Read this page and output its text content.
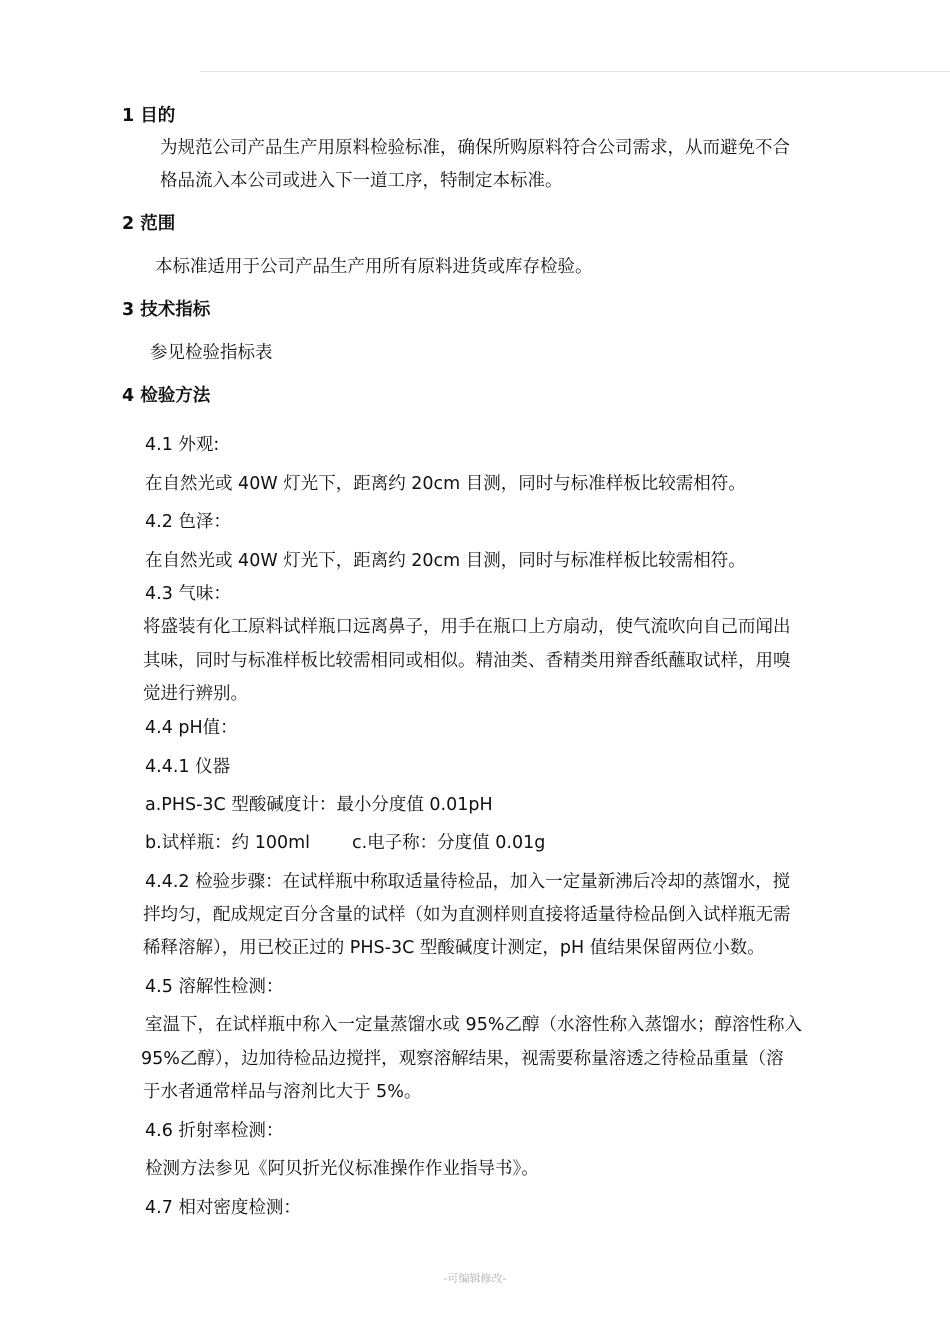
1 目的
为规范公司产品生产用原料检验标准，确保所购原料符合公司需求，从而避免不合
格品流入本公司或进入下一道工序，特制定本标准。
2 范围
本标准适用于公司产品生产用所有原料进货或库存检验。
3 技术指标
参见检验指标表
4 检验方法
4.1 外观:
在自然光或 40W 灯光下，距离约 20cm 目测，同时与标准样板比较需相符。
4.2 色泽：
在自然光或 40W 灯光下，距离约 20cm 目测，同时与标准样板比较需相符。
4.3 气味：
将盛装有化工原料试样瓶口远离鼻子，用手在瓶口上方扇动，使气流吹向自己而闻出
其味，同时与标准样板比较需相同或相似。精油类、香精类用辩香纸蘸取试样，用嗅
觉进行辨别。
4.4 pH值：
4.4.1 仪器
a.PHS-3C 型酸碱度计：最小分度值 0.01pH
b.试样瓶：约 100ml c.电子称：分度值 0.01g
4.4.2 检验步骤：在试样瓶中称取适量待检品，加入一定量新沸后冷却的蒸馏水，搅
拌均匀，配成规定百分含量的试样（如为直测样则直接将适量待检品倒入试样瓶无需
稀释溶解），用已校正过的 PHS-3C 型酸碱度计测定，pH 值结果保留两位小数。
4.5 溶解性检测：
室温下，在试样瓶中称入一定量蒸馏水或 95%乙醇（水溶性称入蒸馏水；醇溶性称入
95%乙醇），边加待检品边搅拌，观察溶解结果，视需要称量溶透之待检品重量（溶
于水者通常样品与溶剂比大于 5%。
4.6 折射率检测：
检测方法参见《阿贝折光仪标准操作作业指导书》。
4.7 相对密度检测：
-可编辑修改-
